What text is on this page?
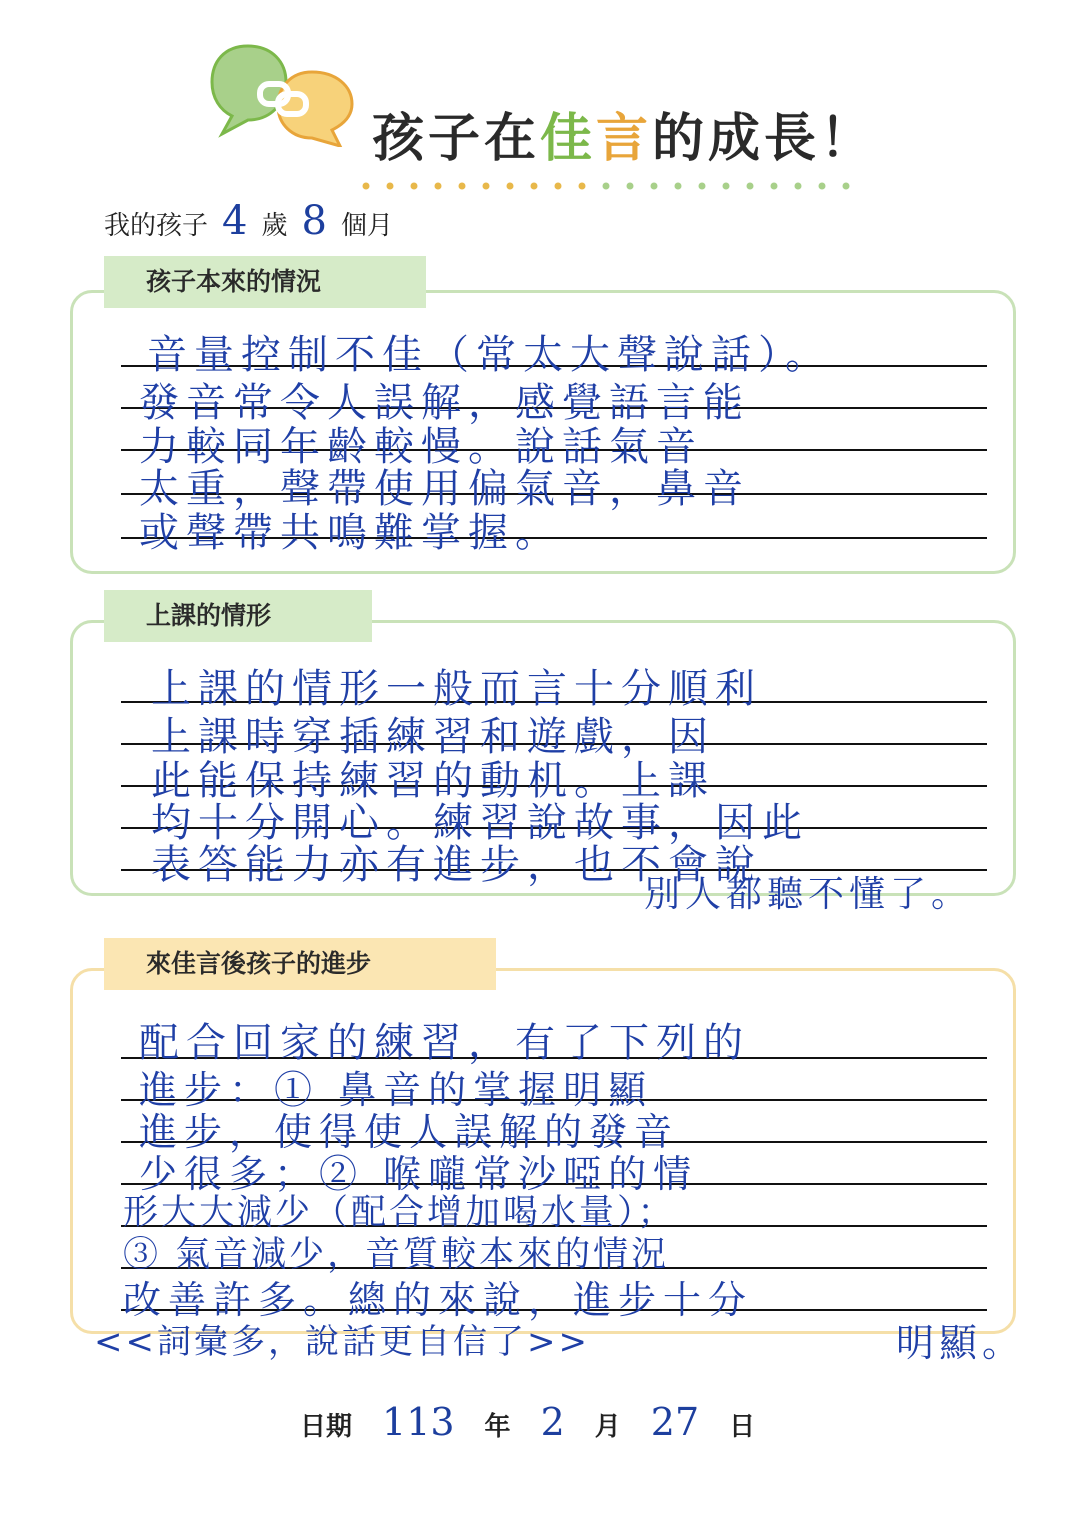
孩子在佳言的成長！
我的孩子 4 歲 8 個月
音量控制不佳（常太大聲說話）。
發音常令人誤解，感覺語言能
力較同年齡較慢。說話氣音
太重，聲帶使用偏氣音，鼻音
或聲帶共鳴難掌握。
孩子本來的情況
上課的情形一般而言十分順利
上課時穿插練習和遊戲，因
此能保持練習的動机。上課
均十分開心。練習說故事，因此
表答能力亦有進步，也不會說
上課的情形
別人都聽不懂了。
配合回家的練習，有了下列的
進步：① 鼻音的掌握明顯
進步，使得使人誤解的發音
少很多；② 喉嚨常沙啞的情
形大大減少（配合增加喝水量）；
③ 氣音減少，音質較本來的情況
改善許多。總的來說，進步十分
來佳言後孩子的進步
<<詞彙多，說話更自信了>>	明顯。
日期 113 年 2 月 27 日
